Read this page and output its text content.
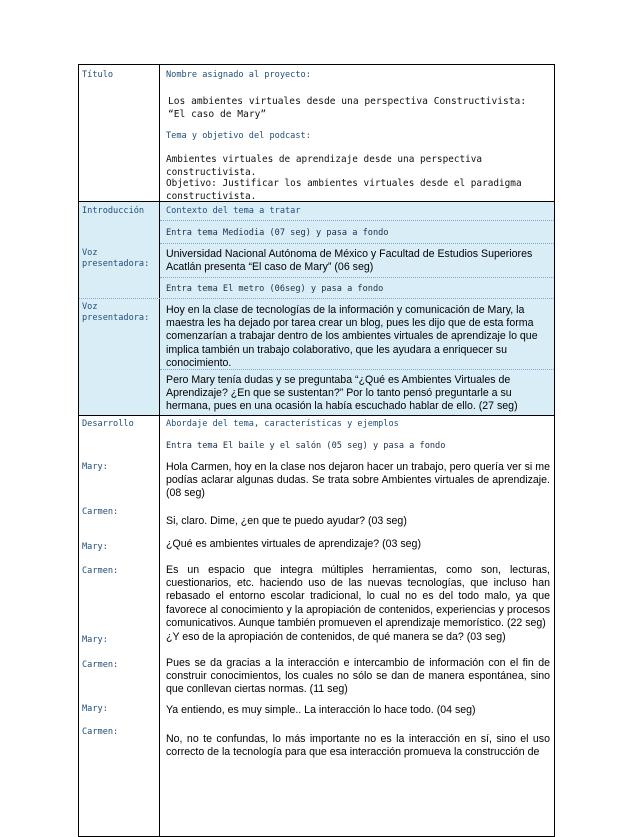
Título	Nombre asignado al proyecto:
Los ambientes virtuales desde una perspectiva Constructivista: “El caso de Mary”
Tema y objetivo del podcast:
Ambientes virtuales de aprendizaje desde una perspectiva constructivista.
Objetivo: Justificar los ambientes virtuales desde el paradigma constructivista.
Introducción	Contexto del tema a tratar
Entra tema Mediodia (07 seg) y pasa a fondo
Voz presentadora:
Universidad Nacional Autónoma de México y Facultad de Estudios Superiores Acatlán presenta “El caso de Mary” (06 seg)
Entra tema El metro (06seg) y pasa a fondo
Voz presentadora:
Hoy en la clase de tecnologías de la información y comunicación de Mary, la maestra les ha dejado por tarea crear un blog, pues les dijo que de esta forma comenzarían a trabajar dentro de los ambientes virtuales de aprendizaje lo que implica también un trabajo colaborativo, que les ayudara a enriquecer su conocimiento.
Pero Mary tenía dudas y se preguntaba “¿Qué es Ambientes Virtuales de Aprendizaje? ¿En que se sustentan?” Por lo tanto pensó preguntarle a su hermana, pues en una ocasión la había escuchado hablar de ello. (27 seg)
Desarrollo	Abordaje del tema, características y ejemplos
Entra tema El baile y el salón (05 seg) y pasa a fondo
Mary:	Hola Carmen, hoy en la clase nos dejaron hacer un trabajo, pero quería ver si me podías aclarar algunas dudas. Se trata sobre Ambientes virtuales de aprendizaje. (08 seg)
Carmen:
Si, claro. Dime, ¿en que te puedo ayudar? (03 seg)
Mary:	¿Qué es ambientes virtuales de aprendizaje? (03 seg)
Carmen:	Es un espacio que integra múltiples herramientas, como son, lecturas, cuestionarios, etc. haciendo uso de las nuevas tecnologías, que incluso han rebasado el entorno escolar tradicional, lo cual no es del todo malo, ya que favorece al conocimiento y la apropiación de contenidos, experiencias y procesos comunicativos. Aunque también promueven el aprendizaje memorístico. (22 seg)
Mary:	¿Y eso de la apropiación de contenidos, de qué manera se da? (03 seg)
Carmen:	Pues se da gracias a la interacción e intercambio de información con el fin de construir conocimientos, los cuales no sólo se dan de manera espontánea, sino que conllevan ciertas normas. (11 seg)
Mary:	Ya entiendo, es muy simple.. La interacción lo hace todo. (04 seg)
Carmen:
No, no te confundas, lo más importante no es la interacción en sí, sino el uso correcto de la tecnología para que esa interacción promueva la construcción de
